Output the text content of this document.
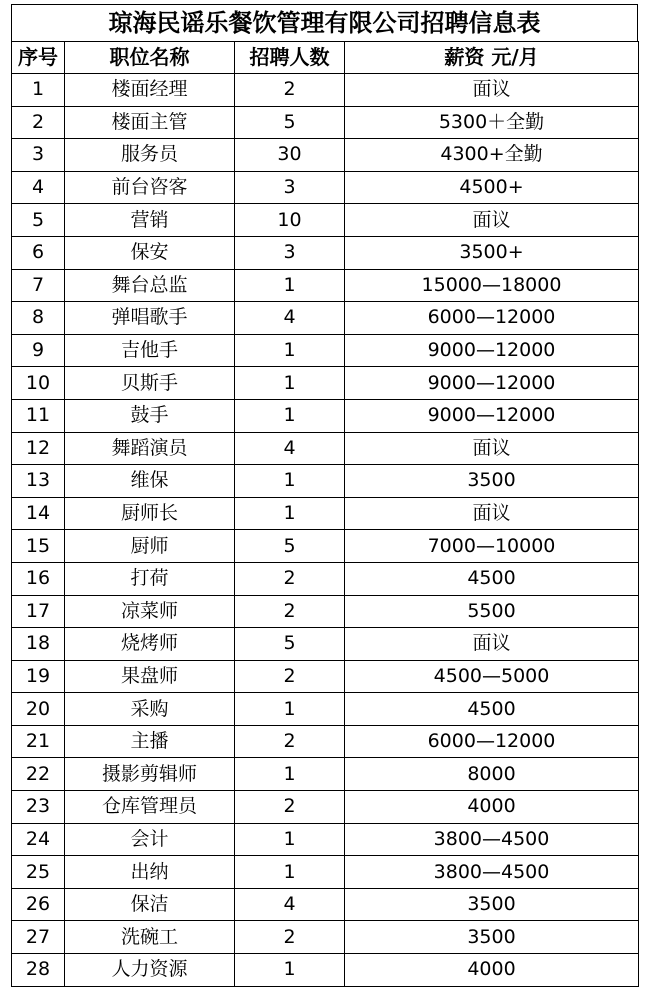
琼海民谣乐餐饮管理有限公司招聘信息表
序号	职位名称	招聘人数	薪资 元/月
1	楼面经理	2	面议
2	楼面主管	5	5300＋全勤
3	服务员	30	4300+全勤
4	前台咨客	3	4500+
5	营销	10	面议
6	保安	3	3500+
7	舞台总监	1	15000—18000
8	弹唱歌手	4	6000—12000
9	吉他手	1	9000—12000
10	贝斯手	1	9000—12000
11	鼓手	1	9000—12000
12	舞蹈演员	4	面议
13	维保	1	3500
14	厨师长	1	面议
15	厨师	5	7000—10000
16	打荷	2	4500
17	凉菜师	2	5500
18	烧烤师	5	面议
19	果盘师	2	4500—5000
20	采购	1	4500
21	主播	2	6000—12000
22	摄影剪辑师	1	8000
23	仓库管理员	2	4000
24	会计	1	3800—4500
25	出纳	1	3800—4500
26	保洁	4	3500
27	洗碗工	2	3500
28	人力资源	1	4000
